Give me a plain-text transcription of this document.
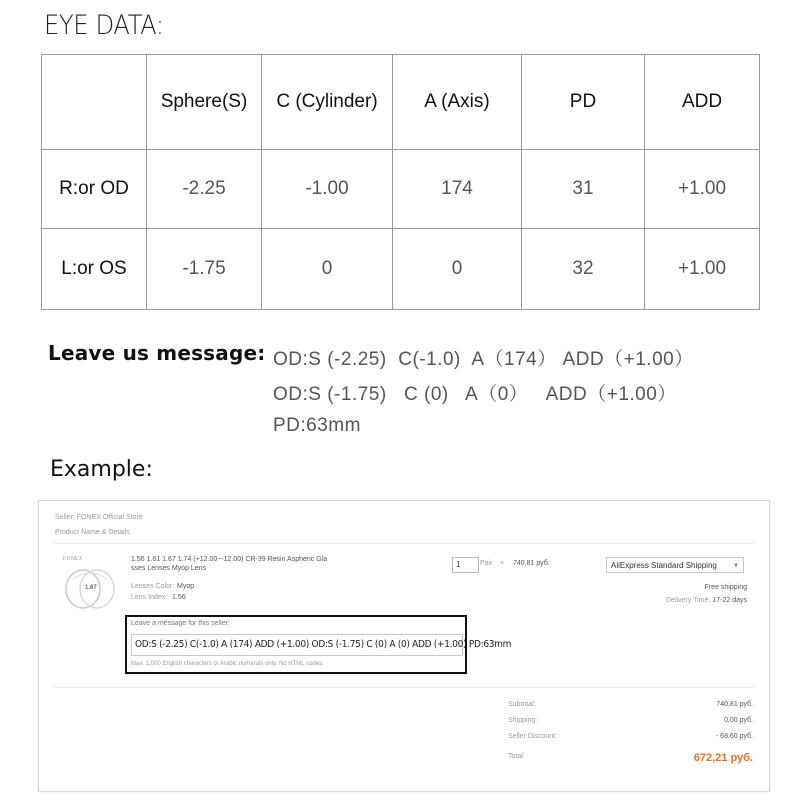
EYE DATA:
	Sphere(S)	C (Cylinder)	A (Axis)	PD	ADD
R:or OD	-2.25	-1.00	174	31	+1.00
L:or OS	-1.75	0	0	32	+1.00
Leave us message: OD:S (-2.25)  C(-1.0)  A（174） ADD（+1.00）
OD:S (-1.75)   C (0)   A（0）   ADD（+1.00）
PD:63mm
Example:
Seller: FONEX Official Store
Product Name & Details
FONEX
1.67
1.56 1.61 1.67 1.74 (+12.00~-12.00) CR-39 Resin Aspheric Gla
sses Lenses Myop Lens
Lenses Color: Myop
Lens Index: 1.56
1	Pair × 740,81 руб.	AliExpress Standard Shipping	▼
Free shipping
Delivery Time: 17-22 days
Leave a message for this seller:
OD:S (-2.25) C(-1.0) A (174) ADD (+1.00) OD:S (-1.75) C (0) A (0) ADD (+1.00) PD:63mm
Max. 1,000 English characters or Arabic numerals only. No HTML codes.
Subtotal:	740,81 руб.
Shipping:	0,00 руб.
Seller Discount:	- 68,60 руб.
Total:	672,21 руб.
